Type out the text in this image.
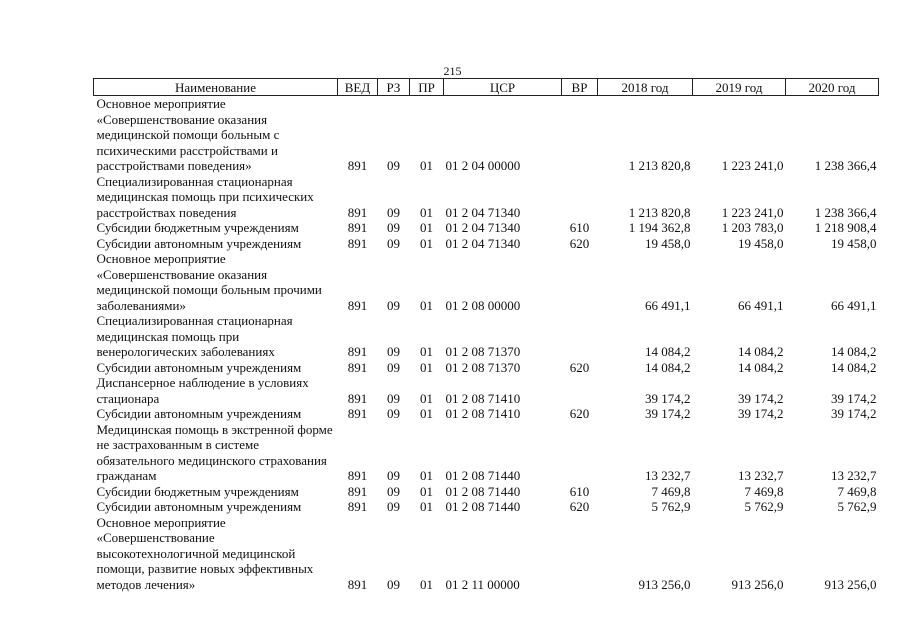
215
Наименование	ВЕД	РЗ	ПР	ЦСР	ВР	2018 год	2019 год	2020 год
Основное мероприятие «Совершенствование оказания медицинской помощи больным с психическими расстройствами и расстройствами поведения»	891	09	01	01 2 04 00000		1 213 820,8	1 223 241,0	1 238 366,4
Специализированная стационарная медицинская помощь при психических расстройствах поведения	891	09	01	01 2 04 71340		1 213 820,8	1 223 241,0	1 238 366,4
Субсидии бюджетным учреждениям	891	09	01	01 2 04 71340	610	1 194 362,8	1 203 783,0	1 218 908,4
Субсидии автономным учреждениям	891	09	01	01 2 04 71340	620	19 458,0	19 458,0	19 458,0
Основное мероприятие «Совершенствование оказания медицинской помощи больным прочими заболеваниями»	891	09	01	01 2 08 00000		66 491,1	66 491,1	66 491,1
Специализированная стационарная медицинская помощь при венерологических заболеваниях	891	09	01	01 2 08 71370		14 084,2	14 084,2	14 084,2
Субсидии автономным учреждениям	891	09	01	01 2 08 71370	620	14 084,2	14 084,2	14 084,2
Диспансерное наблюдение в условиях стационара	891	09	01	01 2 08 71410		39 174,2	39 174,2	39 174,2
Субсидии автономным учреждениям	891	09	01	01 2 08 71410	620	39 174,2	39 174,2	39 174,2
Медицинская помощь в экстренной форме не застрахованным в системе обязательного медицинского страхования гражданам	891	09	01	01 2 08 71440		13 232,7	13 232,7	13 232,7
Субсидии бюджетным учреждениям	891	09	01	01 2 08 71440	610	7 469,8	7 469,8	7 469,8
Субсидии автономным учреждениям	891	09	01	01 2 08 71440	620	5 762,9	5 762,9	5 762,9
Основное мероприятие «Совершенствование высокотехнологичной медицинской помощи, развитие новых эффективных методов лечения»	891	09	01	01 2 11 00000		913 256,0	913 256,0	913 256,0
